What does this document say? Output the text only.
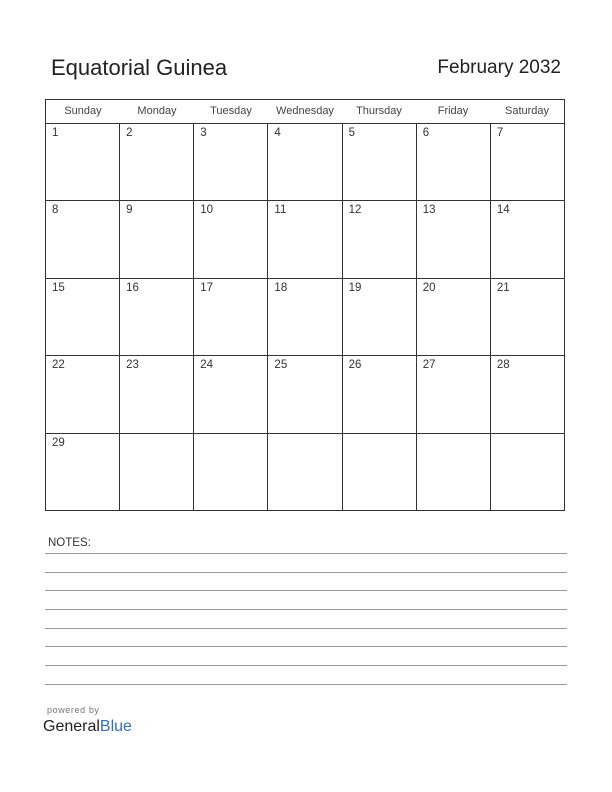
Equatorial Guinea	February 2032
Sunday	Monday	Tuesday	Wednesday	Thursday	Friday	Saturday
1	2	3	4	5	6	7
8	9	10	11	12	13	14
15	16	17	18	19	20	21
22	23	24	25	26	27	28
29
NOTES:
powered by
GeneralBlue
